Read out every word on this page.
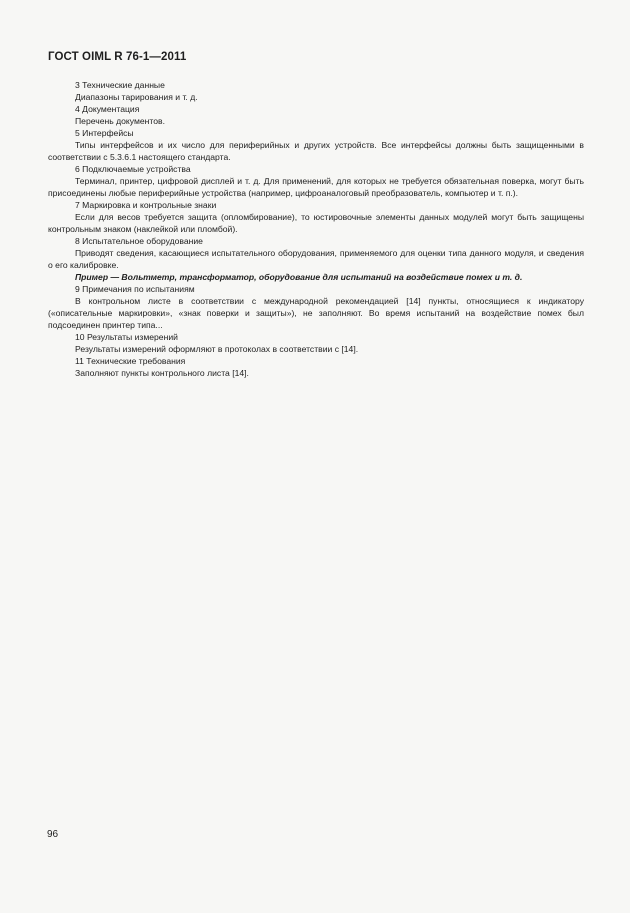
ГОСТ OIML R 76-1—2011

3 Технические данные

Диапазоны тарирования и т. д.

4 Документация

Перечень документов.

5 Интерфейсы

Типы интерфейсов и их число для периферийных и других устройств. Все интерфейсы должны быть защищенными в соответствии с 5.3.6.1 настоящего стандарта.

6 Подключаемые устройства

Терминал, принтер, цифровой дисплей и т. д. Для применений, для которых не требуется обязательная поверка, могут быть присоединены любые периферийные устройства (например, цифроаналоговый преобразователь, компьютер и т. п.).

7 Маркировка и контрольные знаки

Если для весов требуется защита (опломбирование), то юстировочные элементы данных модулей могут быть защищены контрольным знаком (наклейкой или пломбой).

8 Испытательное оборудование

Приводят сведения, касающиеся испытательного оборудования, применяемого для оценки типа данного модуля, и сведения о его калибровке.

Пример — Вольтметр, трансформатор, оборудование для испытаний на воздействие помех и т. д.

9 Примечания по испытаниям

В контрольном листе в соответствии с международной рекомендацией [14] пункты, относящиеся к индикатору («описательные маркировки», «знак поверки и защиты»), не заполняют. Во время испытаний на воздействие помех был подсоединен принтер типа...

10 Результаты измерений

Результаты измерений оформляют в протоколах в соответствии с [14].

11 Технические требования

Заполняют пункты контрольного листа [14].

96
